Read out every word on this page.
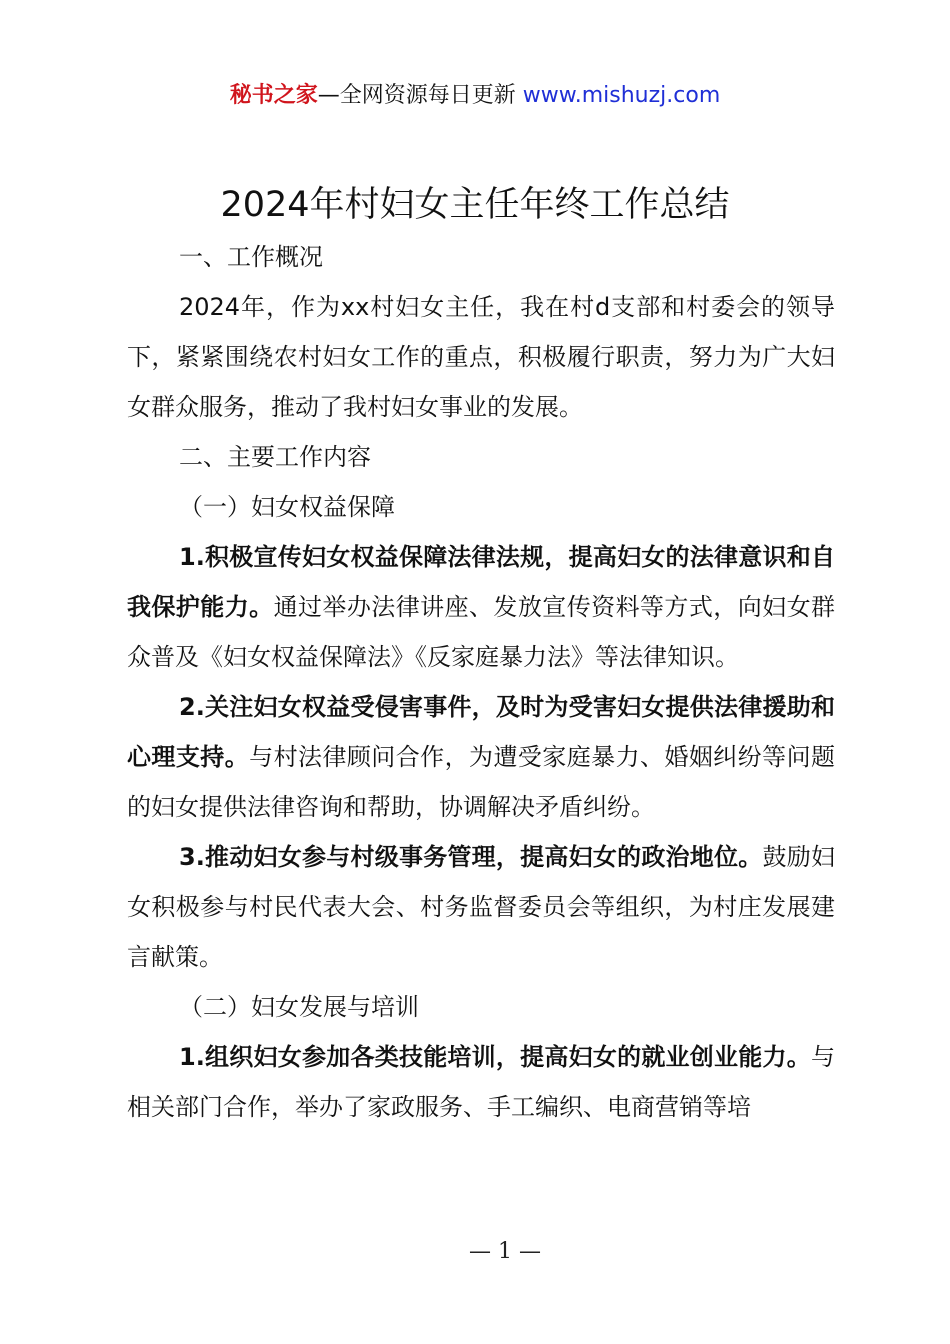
秘书之家—全网资源每日更新 www.mishuzj.com
2024年村妇女主任年终工作总结

一、工作概况

2024年，作为xx村妇女主任，我在村d支部和村委会的领导下，紧紧围绕农村妇女工作的重点，积极履行职责，努力为广大妇女群众服务，推动了我村妇女事业的发展。

二、主要工作内容

（一）妇女权益保障

1.积极宣传妇女权益保障法律法规，提高妇女的法律意识和自我保护能力。通过举办法律讲座、发放宣传资料等方式，向妇女群众普及《妇女权益保障法》《反家庭暴力法》等法律知识。

2.关注妇女权益受侵害事件，及时为受害妇女提供法律援助和心理支持。与村法律顾问合作，为遭受家庭暴力、婚姻纠纷等问题的妇女提供法律咨询和帮助，协调解决矛盾纠纷。

3.推动妇女参与村级事务管理，提高妇女的政治地位。鼓励妇女积极参与村民代表大会、村务监督委员会等组织，为村庄发展建言献策。

（二）妇女发展与培训

1.组织妇女参加各类技能培训，提高妇女的就业创业能力。与相关部门合作，举办了家政服务、手工编织、电商营销等培

— 1 —
